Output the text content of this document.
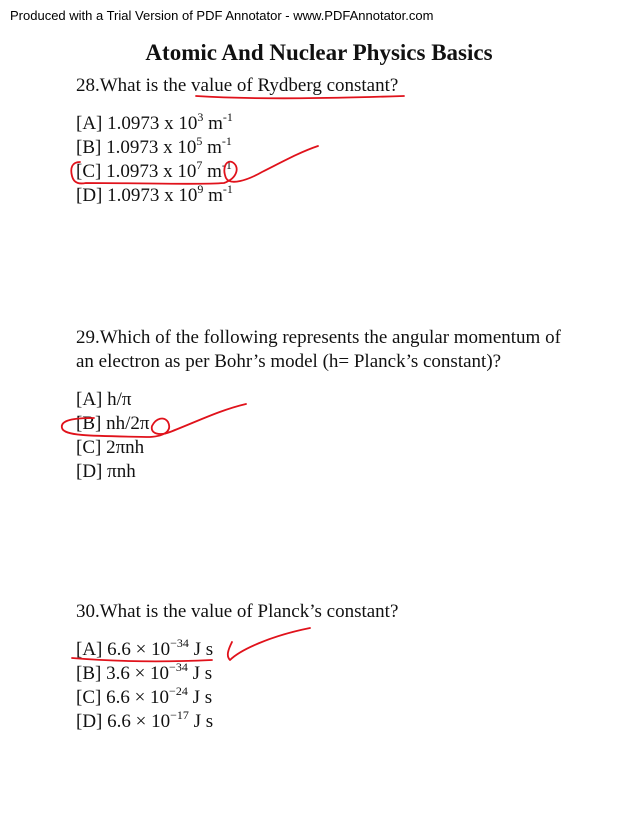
Produced with a Trial Version of PDF Annotator - www.PDFAnnotator.com
Atomic And Nuclear Physics Basics
28.What is the value of Rydberg constant?
[A] 1.0973 x $10^3$ $m^{-1}$
[B] 1.0973 x $10^5$ $m^{-1}$
[C] 1.0973 x $10^7$ $m^{-1}$
[D] 1.0973 x $10^9$ $m^{-1}$
29.Which of the following represents the angular momentum of an electron as per Bohr’s model (h= Planck’s constant)?
[A] h/π
[B] nh/2π
[C] 2πnh
[D] πnh
30.What is the value of Planck’s constant?
[A] $6.6 \times 10^{-34}$ J s
[B] $3.6 \times 10^{-34}$ J s
[C] $6.6 \times 10^{-24}$ J s
[D] $6.6 \times 10^{-17}$ J s
